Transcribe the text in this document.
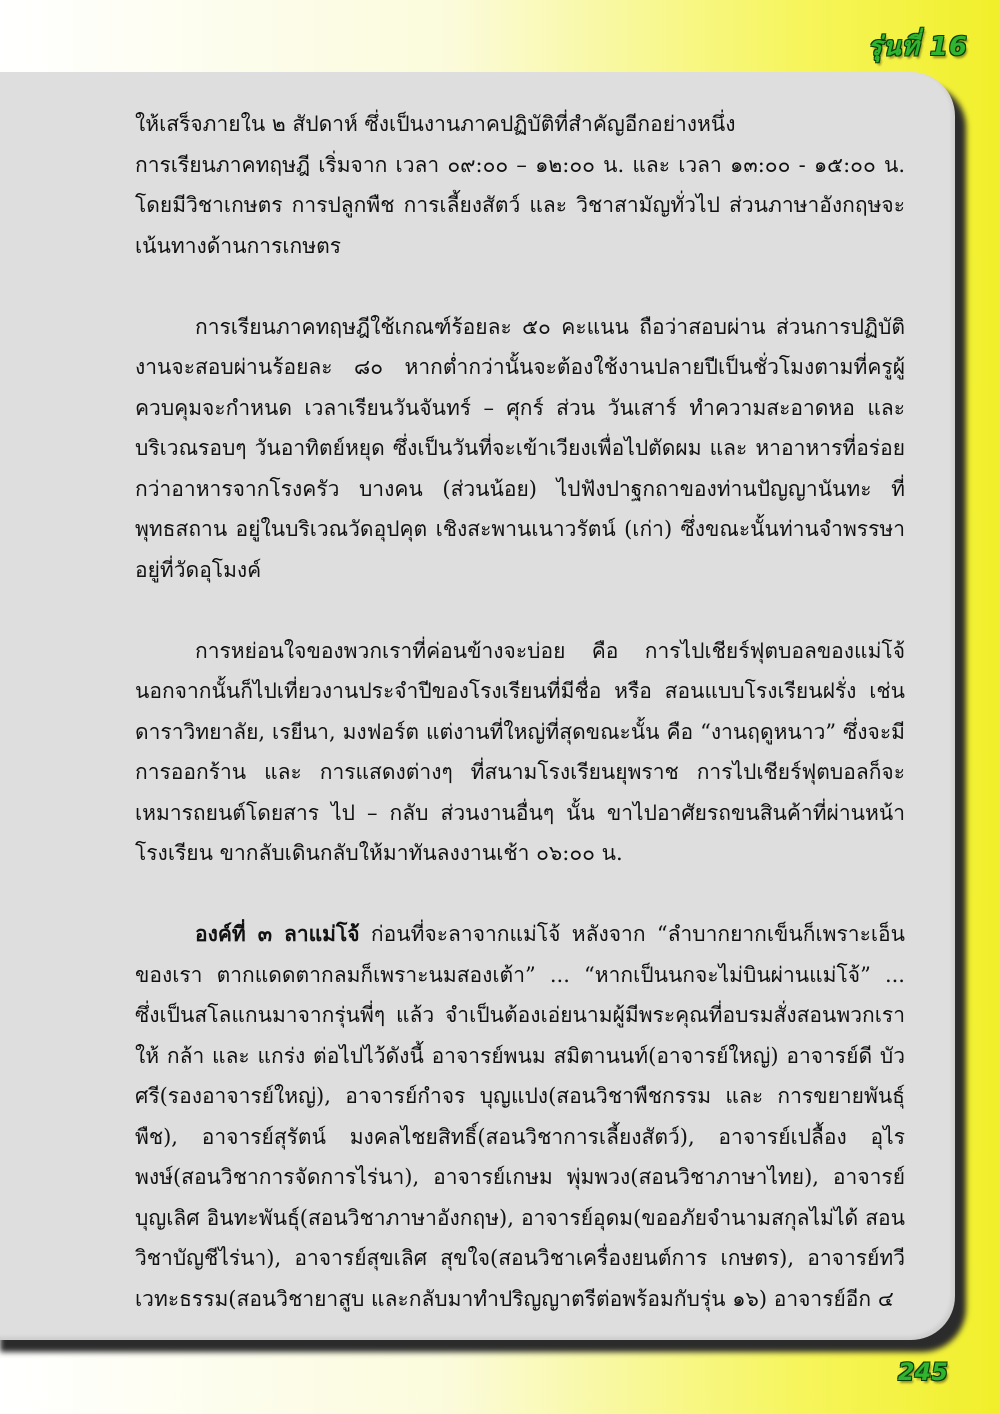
รุ่นที่ 16

ให้เสร็จภายใน ๒ สัปดาห์ ซึ่งเป็นงานภาคปฏิบัติที่สำคัญอีกอย่างหนึ่ง

การเรียนภาคทฤษฎี เริ่มจาก เวลา ๐๙:๐๐ – ๑๒:๐๐ น. และ เวลา ๑๓:๐๐ - ๑๕:๐๐ น. โดยมีวิชาเกษตร การปลูกพืช การเลี้ยงสัตว์ และ วิชาสามัญทั่วไป ส่วนภาษาอังกฤษจะเน้นทางด้านการเกษตร

การเรียนภาคทฤษฎีใช้เกณฑ์ร้อยละ ๕๐ คะแนน ถือว่าสอบผ่าน ส่วนการปฏิบัติงานจะสอบผ่านร้อยละ ๘๐ หากต่ำกว่านั้นจะต้องใช้งานปลายปีเป็นชั่วโมงตามที่ครูผู้ควบคุมจะกำหนด เวลาเรียนวันจันทร์ – ศุกร์ ส่วน วันเสาร์ ทำความสะอาดหอ และบริเวณรอบๆ วันอาทิตย์หยุด ซึ่งเป็นวันที่จะเข้าเวียงเพื่อไปตัดผม และ หาอาหารที่อร่อยกว่าอาหารจากโรงครัว บางคน (ส่วนน้อย) ไปฟังปาฐกถาของท่านปัญญานันทะ ที่พุทธสถาน อยู่ในบริเวณวัดอุปคุต เชิงสะพานเนาวรัตน์ (เก่า) ซึ่งขณะนั้นท่านจำพรรษาอยู่ที่วัดอุโมงค์

การหย่อนใจของพวกเราที่ค่อนข้างจะบ่อย คือ การไปเชียร์ฟุตบอลของแม่โจ้ นอกจากนั้นก็ไปเที่ยวงานประจำปีของโรงเรียนที่มีชื่อ หรือ สอนแบบโรงเรียนฝรั่ง เช่น ดาราวิทยาลัย, เรยีนา, มงฟอร์ต แต่งานที่ใหญ่ที่สุดขณะนั้น คือ “งานฤดูหนาว” ซึ่งจะมีการออกร้าน และ การแสดงต่างๆ ที่สนามโรงเรียนยุพราช การไปเชียร์ฟุตบอลก็จะเหมารถยนต์โดยสาร ไป – กลับ ส่วนงานอื่นๆ นั้น ขาไปอาศัยรถขนสินค้าที่ผ่านหน้าโรงเรียน ขากลับเดินกลับให้มาทันลงงานเช้า ๐๖:๐๐ น.

องค์ที่ ๓ ลาแม่โจ้ ก่อนที่จะลาจากแม่โจ้ หลังจาก “ลำบากยากเข็นก็เพราะเอ็นของเรา ตากแดดตากลมก็เพราะนมสองเต้า” ... “หากเป็นนกจะไม่บินผ่านแม่โจ้” ... ซึ่งเป็นสโลแกนมาจากรุ่นพี่ๆ แล้ว จำเป็นต้องเอ่ยนามผู้มีพระคุณที่อบรมสั่งสอนพวกเราให้ กล้า และ แกร่ง ต่อไปไว้ดังนี้ อาจารย์พนม สมิตานนท์(อาจารย์ใหญ่) อาจารย์ดี บัวศรี(รองอาจารย์ใหญ่), อาจารย์กำจร บุญแปง(สอนวิชาพืชกรรม และ การขยายพันธุ์พืช), อาจารย์สุรัตน์ มงคลไชยสิทธิ์(สอนวิชาการเลี้ยงสัตว์), อาจารย์เปลื้อง อุไรพงษ์(สอนวิชาการจัดการไร่นา), อาจารย์เกษม พุ่มพวง(สอนวิชาภาษาไทย), อาจารย์บุญเลิศ อินทะพันธุ์(สอนวิชาภาษาอังกฤษ), อาจารย์อุดม(ขออภัยจำนามสกุลไม่ได้ สอนวิชาบัญชีไร่นา), อาจารย์สุขเลิศ สุขใจ(สอนวิชาเครื่องยนต์การ เกษตร), อาจารย์ทวี เวทะธรรม(สอนวิชายาสูบ และกลับมาทำปริญญาตรีต่อพร้อมกับรุ่น ๑๖) อาจารย์อีก ๔

245
